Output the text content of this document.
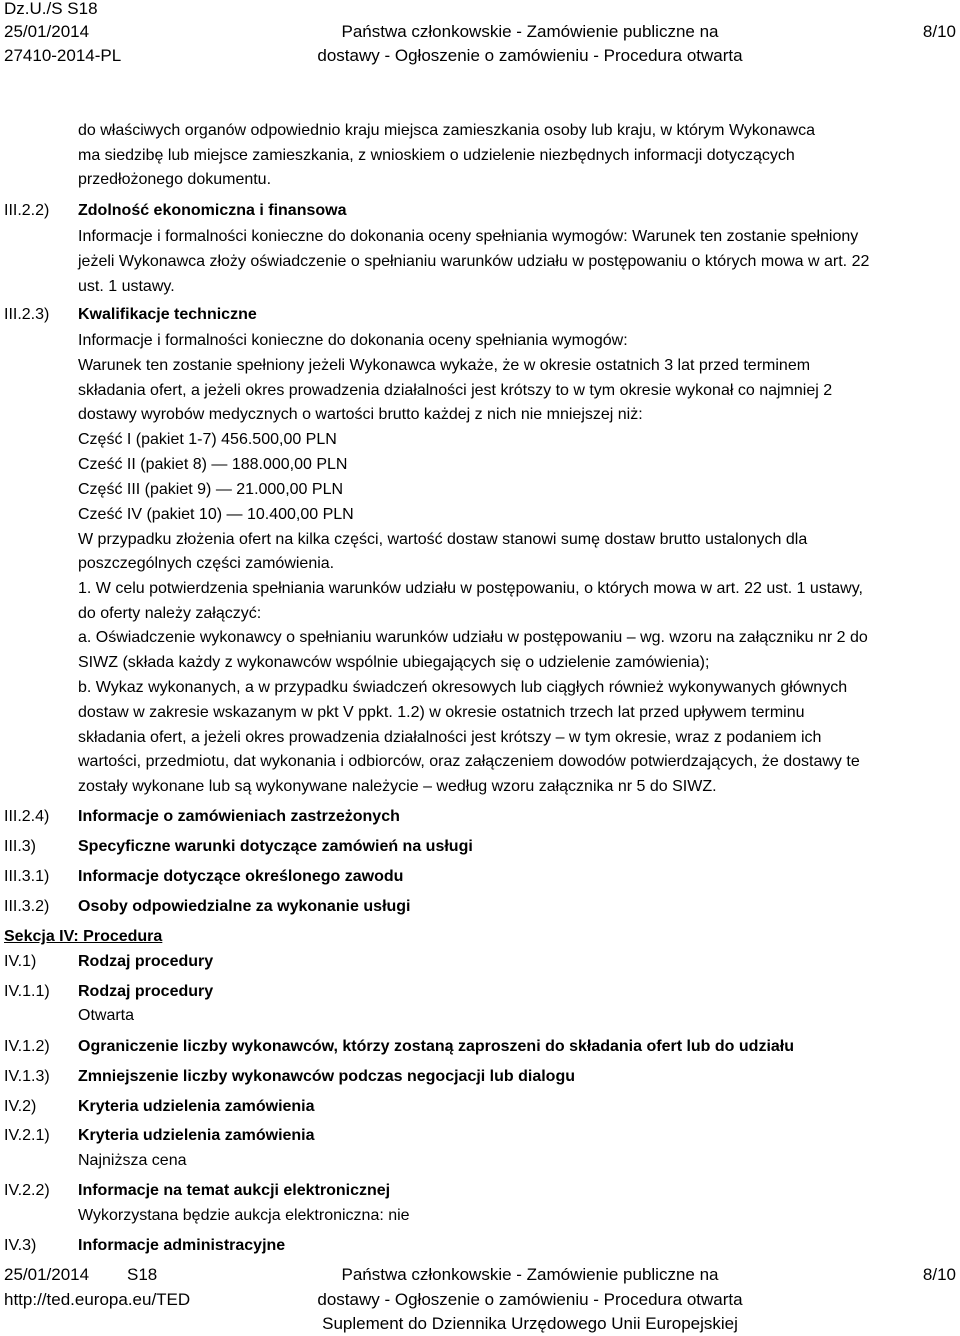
Dz.U./S S18
25/01/2014
27410-2014-PL
Państwa członkowskie - Zamówienie publiczne na
dostawy - Ogłoszenie o zamówieniu - Procedura otwarta
8/10
do właściwych organów odpowiednio kraju miejsca zamieszkania osoby lub kraju, w którym Wykonawca
ma siedzibę lub miejsce zamieszkania, z wnioskiem o udzielenie niezbędnych informacji dotyczących
przedłożonego dokumentu.
III.2.2) Zdolność ekonomiczna i finansowa
Informacje i formalności konieczne do dokonania oceny spełniania wymogów: Warunek ten zostanie spełniony
jeżeli Wykonawca złoży oświadczenie o spełnianiu warunków udziału w postępowaniu o których mowa w art. 22
ust. 1 ustawy.
III.2.3) Kwalifikacje techniczne
Informacje i formalności konieczne do dokonania oceny spełniania wymogów:
Warunek ten zostanie spełniony jeżeli Wykonawca wykaże, że w okresie ostatnich 3 lat przed terminem
składania ofert, a jeżeli okres prowadzenia działalności jest krótszy to w tym okresie wykonał co najmniej 2
dostawy wyrobów medycznych o wartości brutto każdej z nich nie mniejszej niż:
Część I (pakiet 1-7) 456.500,00 PLN
Cześć II (pakiet 8) — 188.000,00 PLN
Część III (pakiet 9) — 21.000,00 PLN
Cześć IV (pakiet 10) — 10.400,00 PLN
W przypadku złożenia ofert na kilka części, wartość dostaw stanowi sumę dostaw brutto ustalonych dla
poszczególnych części zamówienia.
1. W celu potwierdzenia spełniania warunków udziału w postępowaniu, o których mowa w art. 22 ust. 1 ustawy,
do oferty należy załączyć:
a. Oświadczenie wykonawcy o spełnianiu warunków udziału w postępowaniu – wg. wzoru na załączniku nr 2 do
SIWZ (składa każdy z wykonawców wspólnie ubiegających się o udzielenie zamówienia);
b. Wykaz wykonanych, a w przypadku świadczeń okresowych lub ciągłych również wykonywanych głównych
dostaw w zakresie wskazanym w pkt V ppkt. 1.2) w okresie ostatnich trzech lat przed upływem terminu
składania ofert, a jeżeli okres prowadzenia działalności jest krótszy – w tym okresie, wraz z podaniem ich
wartości, przedmiotu, dat wykonania i odbiorców, oraz załączeniem dowodów potwierdzających, że dostawy te
zostały wykonane lub są wykonywane należycie – według wzoru załącznika nr 5 do SIWZ.
III.2.4) Informacje o zamówieniach zastrzeżonych
III.3)	Specyficzne warunki dotyczące zamówień na usługi
III.3.1) Informacje dotyczące określonego zawodu
III.3.2) Osoby odpowiedzialne za wykonanie usługi
Sekcja IV: Procedura
IV.1)	Rodzaj procedury
IV.1.1) Rodzaj procedury
Otwarta
IV.1.2) Ograniczenie liczby wykonawców, którzy zostaną zaproszeni do składania ofert lub do udziału
IV.1.3) Zmniejszenie liczby wykonawców podczas negocjacji lub dialogu
IV.2)	Kryteria udzielenia zamówienia
IV.2.1) Kryteria udzielenia zamówienia
Najniższa cena
IV.2.2) Informacje na temat aukcji elektronicznej
Wykorzystana będzie aukcja elektroniczna: nie
IV.3)	Informacje administracyjne
25/01/2014 S18
http://ted.europa.eu/TED
Państwa członkowskie - Zamówienie publiczne na
dostawy - Ogłoszenie o zamówieniu - Procedura otwarta
Suplement do Dziennika Urzędowego Unii Europejskiej
8/10
